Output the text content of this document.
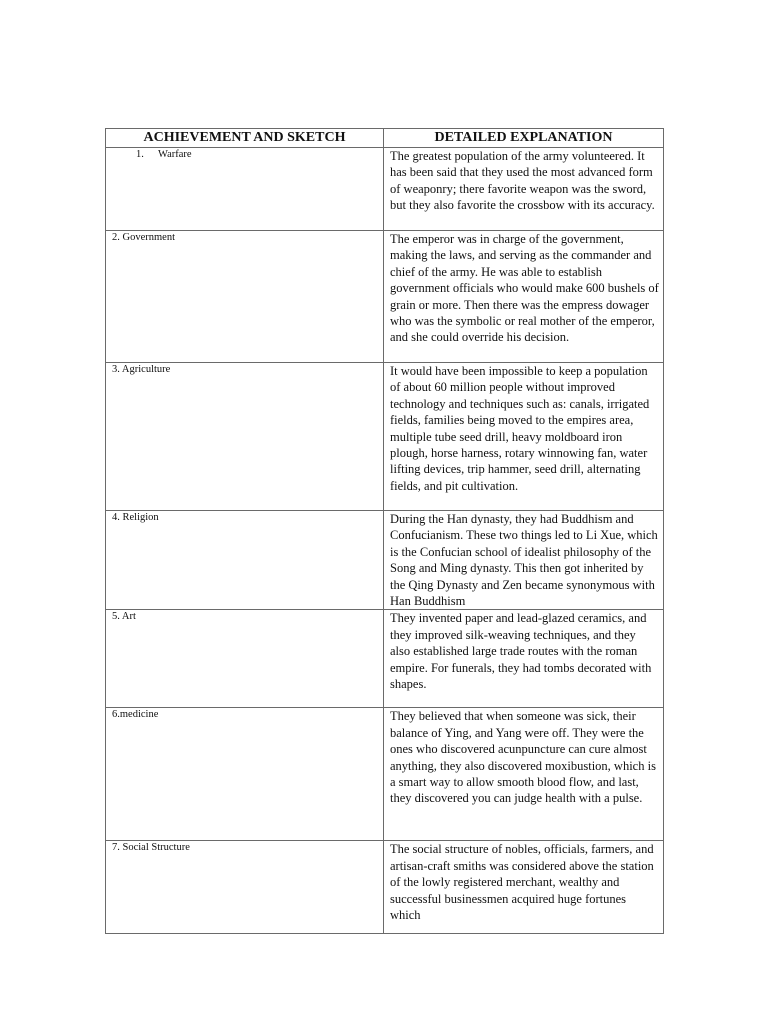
ACHIEVEMENT AND SKETCH	DETAILED EXPLANATION
1. Warfare	The greatest population of the army volunteered. It has been said that they used the most advanced form of weaponry; there favorite weapon was the sword, but they also favorite the crossbow with its accuracy.
2. Government	The emperor was in charge of the government, making the laws, and serving as the commander and chief of the army. He was able to establish government officials who would make 600 bushels of grain or more. Then there was the empress dowager who was the symbolic or real mother of the emperor, and she could override his decision.
3. Agriculture	It would have been impossible to keep a population of about 60 million people without improved technology and techniques such as: canals, irrigated fields, families being moved to the empires area, multiple tube seed drill, heavy moldboard iron plough, horse harness, rotary winnowing fan, water lifting devices, trip hammer, seed drill, alternating fields, and pit cultivation.
4. Religion	During the Han dynasty, they had Buddhism and Confucianism. These two things led to Li Xue, which is the Confucian school of idealist philosophy of the Song and Ming dynasty. This then got inherited by the Qing Dynasty and Zen became synonymous with Han Buddhism
5. Art	They invented paper and lead-glazed ceramics, and they improved silk-weaving techniques, and they also established large trade routes with the roman empire. For funerals, they had tombs decorated with shapes.
6.medicine	They believed that when someone was sick, their balance of Ying, and Yang were off. They were the ones who discovered acunpuncture can cure almost anything, they also discovered moxibustion, which is a smart way to allow smooth blood flow, and last, they discovered you can judge health with a pulse.
7. Social Structure	The social structure of nobles, officials, farmers, and artisan-craft smiths was considered above the station of the lowly registered merchant, wealthy and successful businessmen acquired huge fortunes which
